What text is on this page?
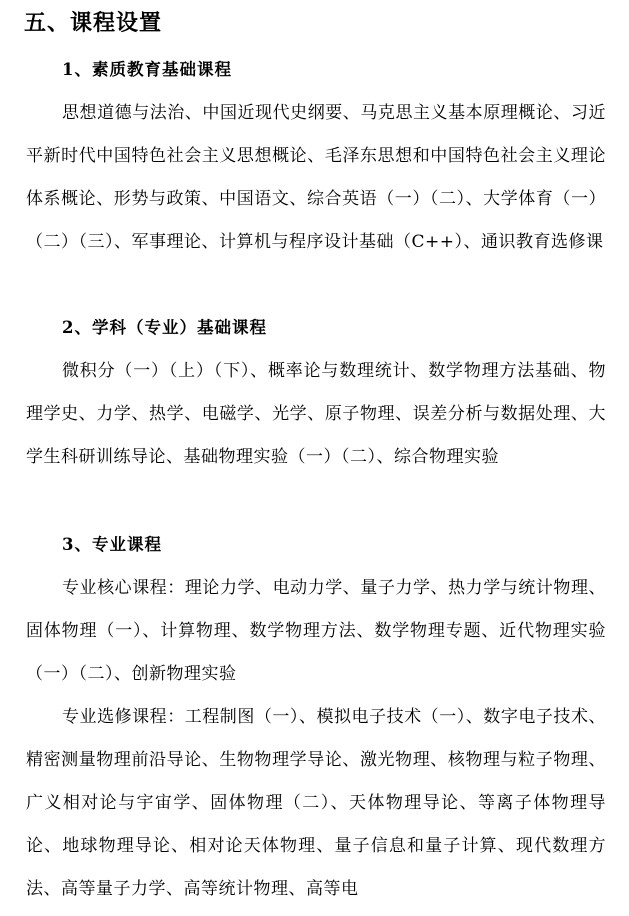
五、课程设置
1、素质教育基础课程

思想道德与法治、中国近现代史纲要、马克思主义基本原理概论、习近平新时代中国特色社会主义思想概论、毛泽东思想和中国特色社会主义理论体系概论、形势与政策、中国语文、综合英语（一）（二）、大学体育（一）（二）（三）、军事理论、计算机与程序设计基础（C++）、通识教育选修课

2、学科（专业）基础课程

微积分（一）（上）（下）、概率论与数理统计、数学物理方法基础、物理学史、力学、热学、电磁学、光学、原子物理、误差分析与数据处理、大学生科研训练导论、基础物理实验（一）（二）、综合物理实验

3、专业课程

专业核心课程：理论力学、电动力学、量子力学、热力学与统计物理、固体物理（一）、计算物理、数学物理方法、数学物理专题、近代物理实验（一）（二）、创新物理实验

专业选修课程：工程制图（一）、模拟电子技术（一）、数字电子技术、精密测量物理前沿导论、生物物理学导论、激光物理、核物理与粒子物理、广义相对论与宇宙学、固体物理（二）、天体物理导论、等离子体物理导论、地球物理导论、相对论天体物理、量子信息和量子计算、现代数理方法、高等量子力学、高等统计物理、高等电
